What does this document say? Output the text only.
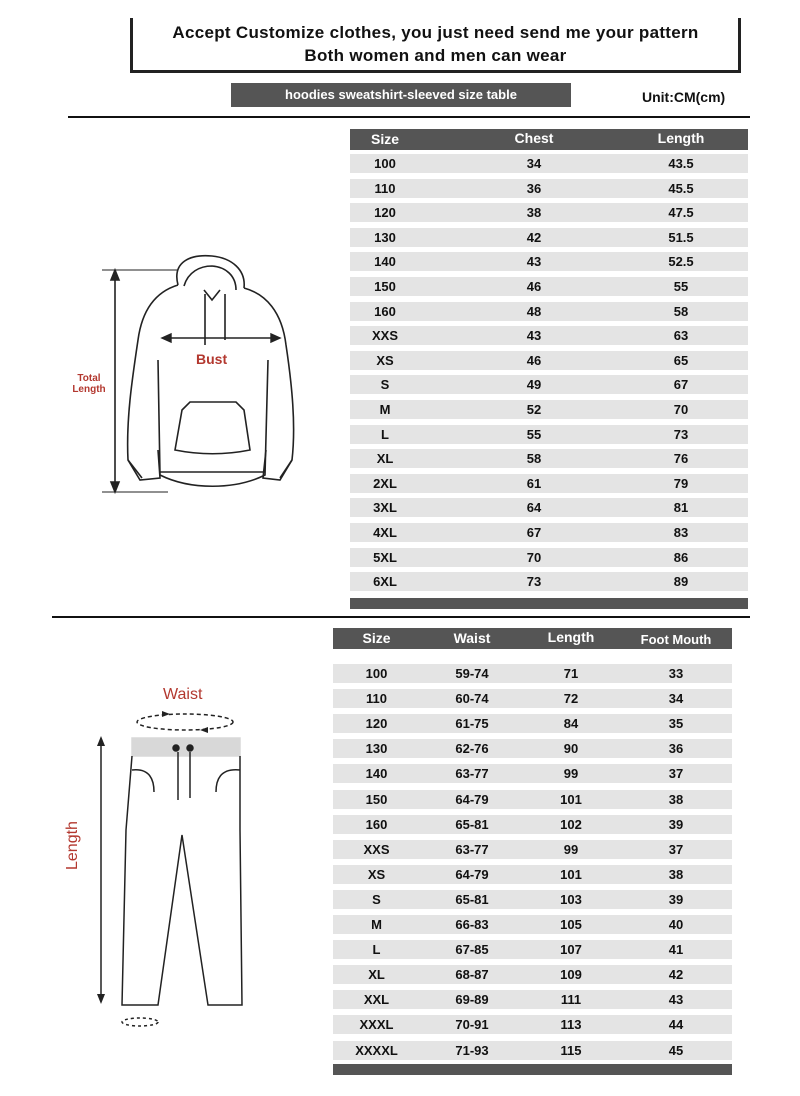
Accept Customize clothes, you just need send me your pattern
Both women and men can wear
hoodies sweatshirt-sleeved size table	Unit:CM(cm)
Total
Length
Bust
Size	Chest	Length
100	34	43.5
110	36	45.5
120	38	47.5
130	42	51.5
140	43	52.5
150	46	55
160	48	58
XXS	43	63
XS	46	65
S	49	67
M	52	70
L	55	73
XL	58	76
2XL	61	79
3XL	64	81
4XL	67	83
5XL	70	86
6XL	73	89
Waist
Length
Size	Waist	Length	Foot Mouth
100	59-74	71	33
110	60-74	72	34
120	61-75	84	35
130	62-76	90	36
140	63-77	99	37
150	64-79	101	38
160	65-81	102	39
XXS	63-77	99	37
XS	64-79	101	38
S	65-81	103	39
M	66-83	105	40
L	67-85	107	41
XL	68-87	109	42
XXL	69-89	111	43
XXXL	70-91	113	44
XXXXL	71-93	115	45
